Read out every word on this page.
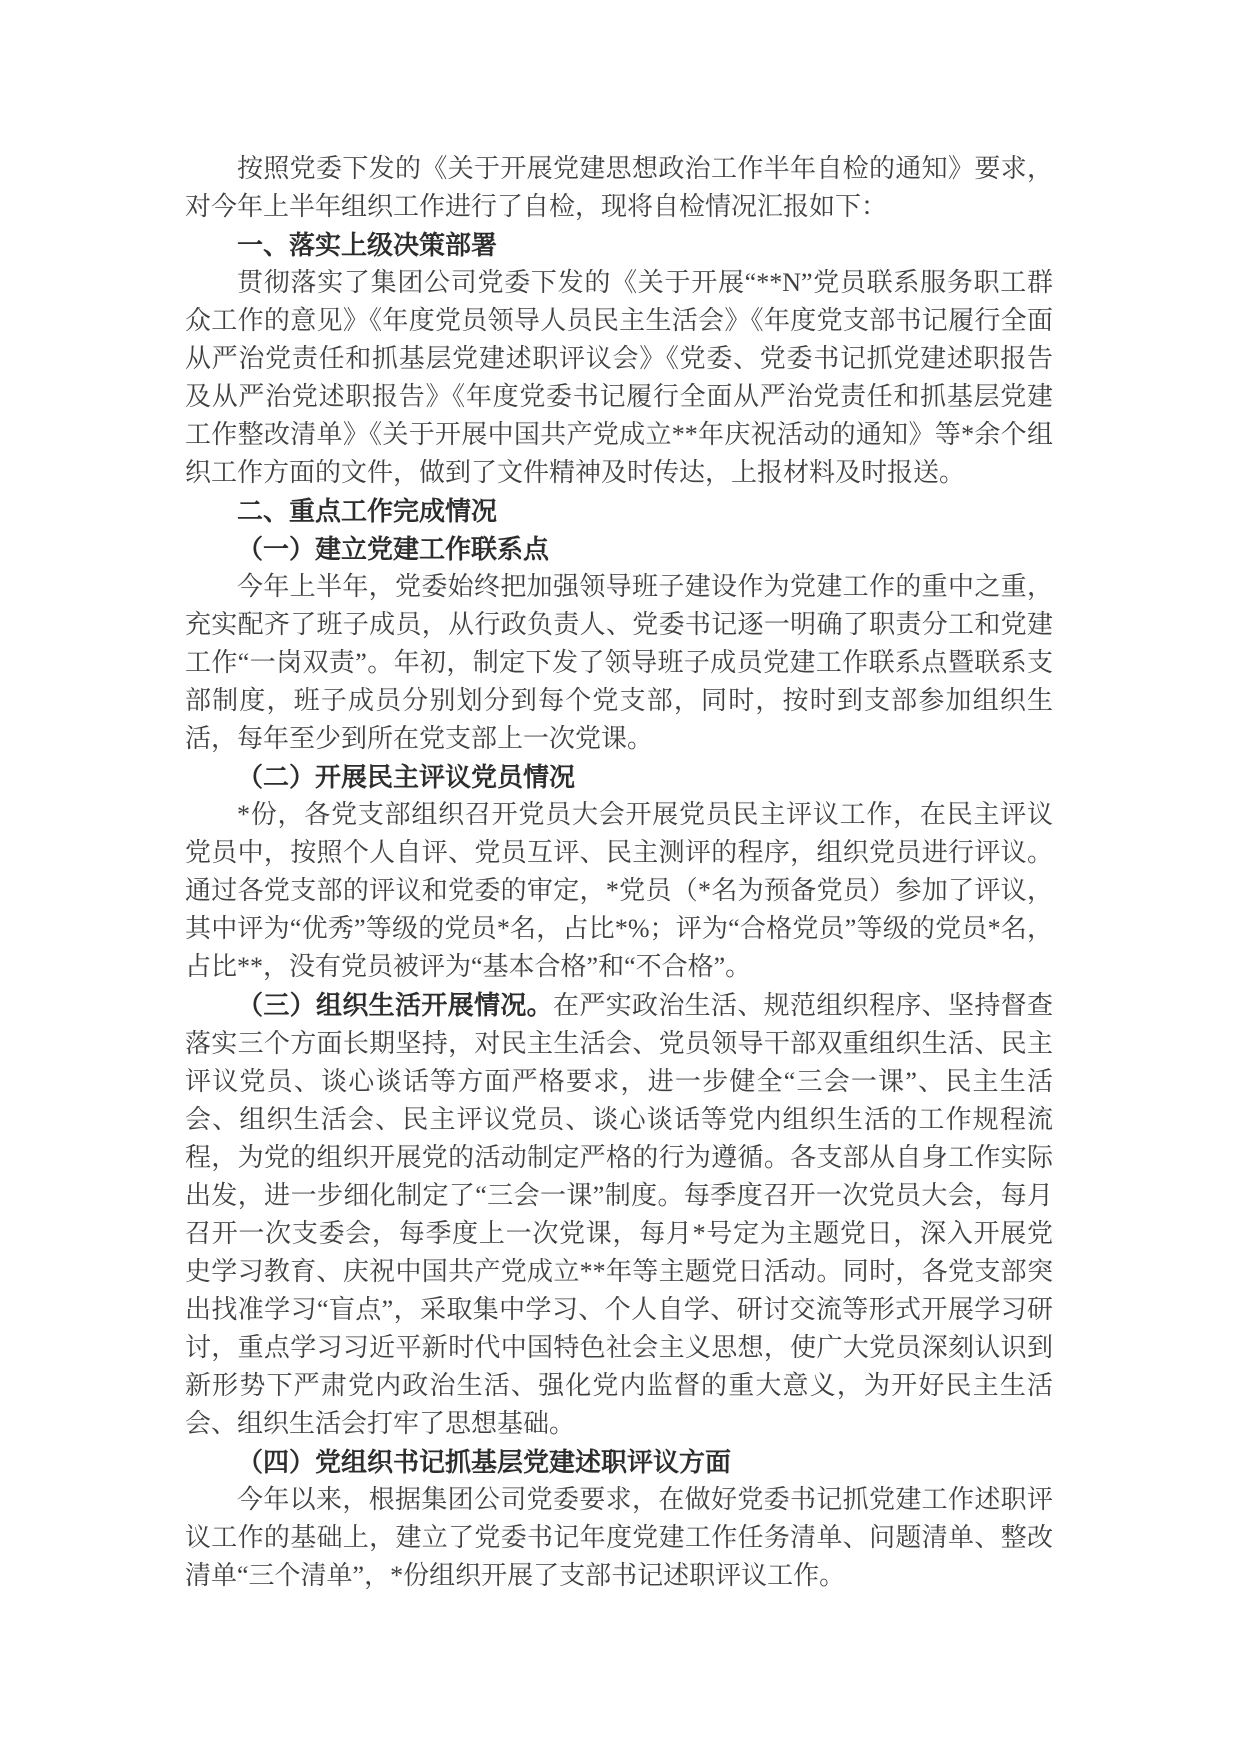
按照党委下发的《关于开展党建思想政治工作半年自检的通知》要求，对今年上半年组织工作进行了自检，现将自检情况汇报如下：

一、落实上级决策部署

贯彻落实了集团公司党委下发的《关于开展“**N”党员联系服务职工群众工作的意见》《年度党员领导人员民主生活会》《年度党支部书记履行全面从严治党责任和抓基层党建述职评议会》《党委、党委书记抓党建述职报告及从严治党述职报告》《年度党委书记履行全面从严治党责任和抓基层党建工作整改清单》《关于开展中国共产党成立**年庆祝活动的通知》等*余个组织工作方面的文件，做到了文件精神及时传达，上报材料及时报送。

二、重点工作完成情况

（一）建立党建工作联系点

今年上半年，党委始终把加强领导班子建设作为党建工作的重中之重，充实配齐了班子成员，从行政负责人、党委书记逐一明确了职责分工和党建工作“一岗双责”。年初，制定下发了领导班子成员党建工作联系点暨联系支部制度，班子成员分别划分到每个党支部，同时，按时到支部参加组织生活，每年至少到所在党支部上一次党课。

（二）开展民主评议党员情况

*份，各党支部组织召开党员大会开展党员民主评议工作，在民主评议党员中，按照个人自评、党员互评、民主测评的程序，组织党员进行评议。通过各党支部的评议和党委的审定，*党员（*名为预备党员）参加了评议，其中评为“优秀”等级的党员*名，占比*%；评为“合格党员”等级的党员*名，占比**，没有党员被评为“基本合格”和“不合格”。

（三）组织生活开展情况。在严实政治生活、规范组织程序、坚持督查落实三个方面长期坚持，对民主生活会、党员领导干部双重组织生活、民主评议党员、谈心谈话等方面严格要求，进一步健全“三会一课”、民主生活会、组织生活会、民主评议党员、谈心谈话等党内组织生活的工作规程流程，为党的组织开展党的活动制定严格的行为遵循。各支部从自身工作实际出发，进一步细化制定了“三会一课”制度。每季度召开一次党员大会，每月召开一次支委会，每季度上一次党课，每月*号定为主题党日，深入开展党史学习教育、庆祝中国共产党成立**年等主题党日活动。同时，各党支部突出找准学习“盲点”，采取集中学习、个人自学、研讨交流等形式开展学习研讨，重点学习习近平新时代中国特色社会主义思想，使广大党员深刻认识到新形势下严肃党内政治生活、强化党内监督的重大意义，为开好民主生活会、组织生活会打牢了思想基础。

（四）党组织书记抓基层党建述职评议方面

今年以来，根据集团公司党委要求，在做好党委书记抓党建工作述职评议工作的基础上，建立了党委书记年度党建工作任务清单、问题清单、整改清单“三个清单”，*份组织开展了支部书记述职评议工作。
